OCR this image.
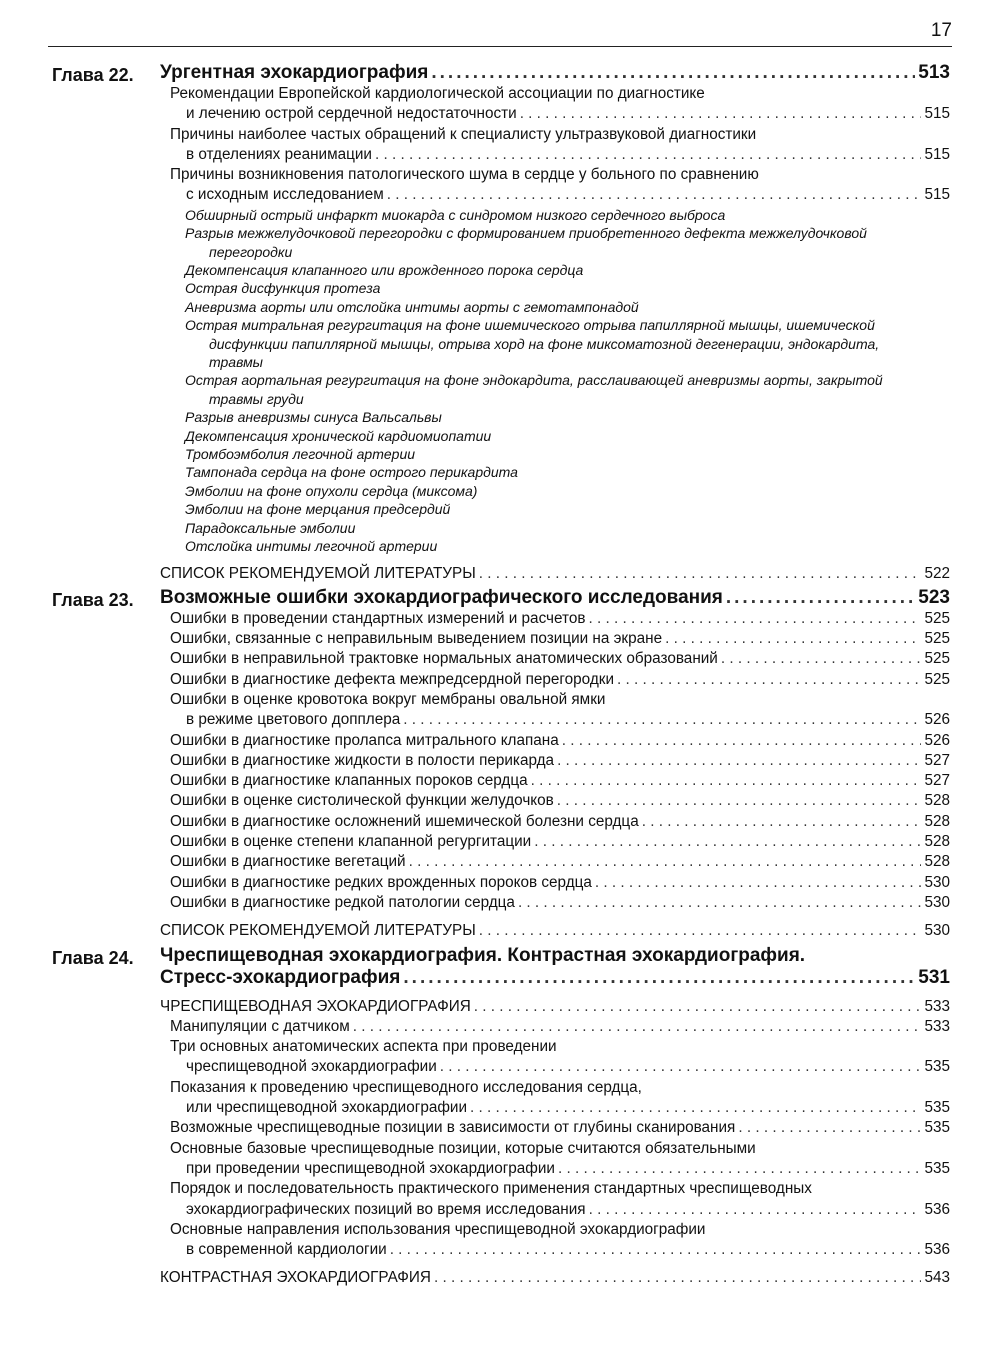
17
Глава 22. Ургентная эхокардиография .....	513
Рекомендации Европейской кардиологической ассоциации по диагностике
и лечению острой сердечной недостаточности . . .	515
Причины наиболее частых обращений к специалисту ультразвуковой диагностики
в отделениях реанимации . . .	515
Причины возникновения патологического шума в сердце у больного по сравнению
с исходным исследованием . . .	515
Обширный острый инфаркт миокарда с синдромом низкого сердечного выброса
Разрыв межжелудочковой перегородки с формированием приобретенного дефекта межжелудочковой
перегородки
Декомпенсация клапанного или врожденного порока сердца
Острая дисфункция протеза
Аневризма аорты или отслойка интимы аорты с гемотампонадой
Острая митральная регургитация на фоне ишемического отрыва папиллярной мышцы, ишемической
дисфункции папиллярной мышцы, отрыва хорд на фоне миксоматозной дегенерации, эндокардита,
травмы
Острая аортальная регургитация на фоне эндокардита, расслаивающей аневризмы аорты, закрытой
травмы груди
Разрыв аневризмы синуса Вальсальвы
Декомпенсация хронической кардиомиопатии
Тромбоэмболия легочной артерии
Тампонада сердца на фоне острого перикардита
Эмболии на фоне опухоли сердца (миксома)
Эмболии на фоне мерцания предсердий
Парадоксальные эмболии
Отслойка интимы легочной артерии
СПИСОК РЕКОМЕНДУЕМОЙ ЛИТЕРАТУРЫ . . .	522
Глава 23. Возможные ошибки эхокардиографического исследования .....	523
Ошибки в проведении стандартных измерений и расчетов . . .	525
Ошибки, связанные с неправильным выведением позиции на экране . . .	525
Ошибки в неправильной трактовке нормальных анатомических образований . . .	525
Ошибки в диагностике дефекта межпредсердной перегородки . . .	525
Ошибки в оценке кровотока вокруг мембраны овальной ямки
в режиме цветового допплера . . .	526
Ошибки в диагностике пролапса митрального клапана . . .	526
Ошибки в диагностике жидкости в полости перикарда . . .	527
Ошибки в диагностике клапанных пороков сердца . . .	527
Ошибки в оценке систолической функции желудочков . . .	528
Ошибки в диагностике осложнений ишемической болезни сердца . . .	528
Ошибки в оценке степени клапанной регургитации . . .	528
Ошибки в диагностике вегетаций . . .	528
Ошибки в диагностике редких врожденных пороков сердца . . .	530
Ошибки в диагностике редкой патологии сердца . . .	530
СПИСОК РЕКОМЕНДУЕМОЙ ЛИТЕРАТУРЫ . . .	530
Глава 24. Чреспищеводная эхокардиография. Контрастная эхокардиография.
Стресс-эхокардиография .....	531
ЧРЕСПИЩЕВОДНАЯ ЭХОКАРДИОГРАФИЯ . . .	533
Манипуляции с датчиком . . .	533
Три основных анатомических аспекта при проведении
чреспищеводной эхокардиографии . . .	535
Показания к проведению чреспищеводного исследования сердца,
или чреспищеводной эхокардиографии . . .	535
Возможные чреспищеводные позиции в зависимости от глубины сканирования . . .	535
Основные базовые чреспищеводные позиции, которые считаются обязательными
при проведении чреспищеводной эхокардиографии . . .	535
Порядок и последовательность практического применения стандартных чреспищеводных
эхокардиографических позиций во время исследования . . .	536
Основные направления использования чреспищеводной эхокардиографии
в современной кардиологии . . .	536
КОНТРАСТНАЯ ЭХОКАРДИОГРАФИЯ . . .	543
